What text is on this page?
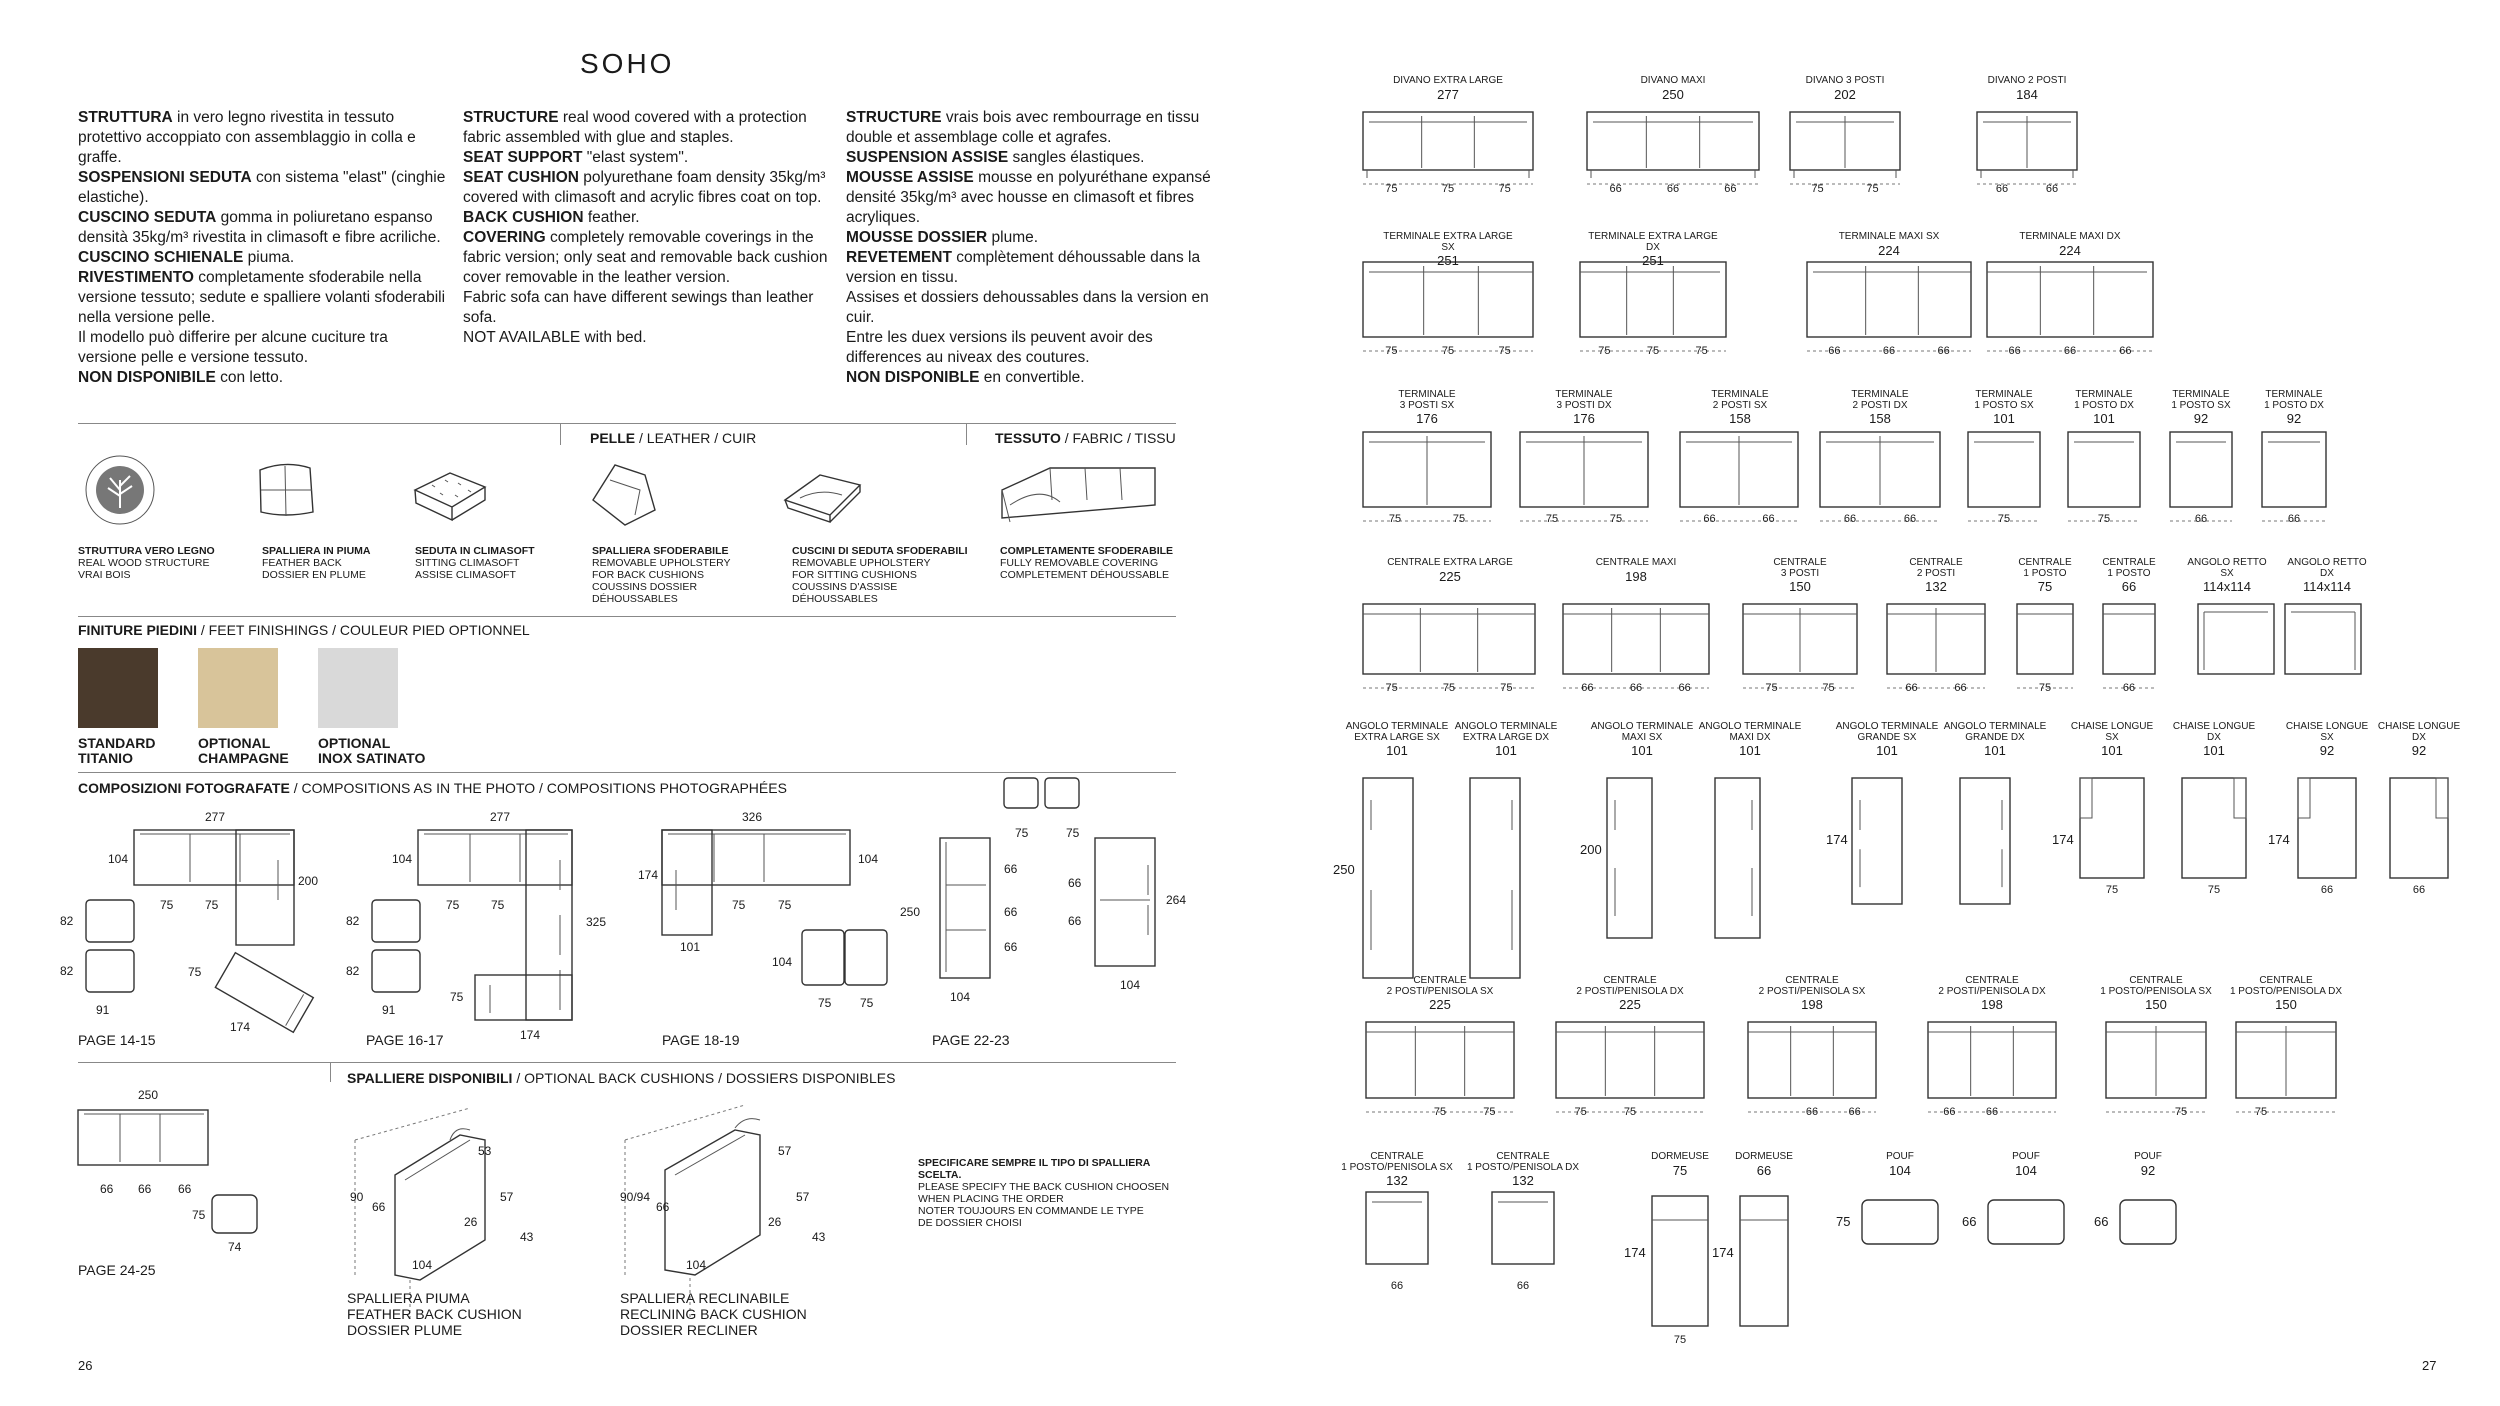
SOHO

STRUTTURA in vero legno rivestita in tessuto protettivo accoppiato con assemblaggio in colla e graffe.
SOSPENSIONI SEDUTA con sistema "elast" (cinghie elastiche).
CUSCINO SEDUTA gomma in poliuretano espanso densità 35kg/m³ rivestita in climasoft e fibre acriliche.
CUSCINO SCHIENALE piuma.
RIVESTIMENTO completamente sfoderabile nella versione tessuto; sedute e spalliere volanti sfoderabili nella versione pelle.
Il modello può differire per alcune cuciture tra versione pelle e versione tessuto.
NON DISPONIBILE con letto.

STRUCTURE real wood covered with a protection fabric assembled with glue and staples.
SEAT SUPPORT "elast system".
SEAT CUSHION polyurethane foam density 35kg/m³ covered with climasoft and acrylic fibres coat on top.
BACK CUSHION feather.
COVERING completely removable coverings in the fabric version; only seat and removable back cushion cover removable in the leather version.
Fabric sofa can have different sewings than leather sofa.
NOT AVAILABLE with bed.

STRUCTURE vrais bois avec rembourrage en tissu double et assemblage colle et agrafes.
SUSPENSION ASSISE sangles élastiques.
MOUSSE ASSISE mousse en polyuréthane expansé densité 35kg/m³ avec housse en climasoft et fibres acryliques.
MOUSSE DOSSIER plume.
REVETEMENT complètement déhoussable dans la version en tissu.
Assises et dossiers dehoussables dans la version en cuir.
Entre les duex versions ils peuvent avoir des differences au niveax des coutures.
NON DISPONIBLE en convertible.

PELLE / LEATHER / CUIR	TESSUTO / FABRIC / TISSU
STRUTTURA VERO LEGNO
REAL WOOD STRUCTURE
VRAI BOIS
SPALLIERA IN PIUMA
FEATHER BACK
DOSSIER EN PLUME
SEDUTA IN CLIMASOFT
SITTING CLIMASOFT
ASSISE CLIMASOFT
SPALLIERA SFODERABILE
REMOVABLE UPHOLSTERY
FOR BACK CUSHIONS
COUSSINS DOSSIER DÉHOUSSABLES
CUSCINI DI SEDUTA SFODERABILI
REMOVABLE UPHOLSTERY
FOR SITTING CUSHIONS
COUSSINS D'ASSISE DÉHOUSSABLES
COMPLETAMENTE SFODERABILE
FULLY REMOVABLE COVERING
COMPLETEMENT DÉHOUSSABLE
FINITURE PIEDINI / FEET FINISHINGS / COULEUR PIED OPTIONNEL
STANDARD
TITANIO
OPTIONAL
CHAMPAGNE
OPTIONAL
INOX SATINATO
COMPOSIZIONI FOTOGRAFATE / COMPOSITIONS AS IN THE PHOTO / COMPOSITIONS PHOTOGRAPHÉES
277
104
200
75	75
82
82
91
75
174
277
104
325
75	75
82
82
91
75
174
326
174
104
75	75
101
104
75 75
75	75
66
66
66
66
66
250
264
104
104
250
66 66 66
75
74
53
90
66
57
26
43
104
57
90/94
66
57
26
43
104
PAGE 14-15	PAGE 16-17	PAGE 18-19	PAGE 22-23
PAGE 24-25
SPALLIERE DISPONIBILI / OPTIONAL BACK CUSHIONS / DOSSIERS DISPONIBLES
SPECIFICARE SEMPRE IL TIPO DI SPALLIERA SCELTA.
PLEASE SPECIFY THE BACK CUSHION CHOOSEN
WHEN PLACING THE ORDER
NOTER TOUJOURS EN COMMANDE LE TYPE
DE DOSSIER CHOISI
SPALLIERA PIUMA
FEATHER BACK CUSHION
DOSSIER PLUME
SPALLIERA RECLINABILE
RECLINING BACK CUSHION
DOSSIER RECLINER
26
DIVANO EXTRA LARGE
277
75	75	75
DIVANO MAXI
250
66	66	66
DIVANO 3 POSTI
202
75	75
DIVANO 2 POSTI
184
66	66
TERMINALE EXTRA LARGE SX
251
75	75	75
TERMINALE EXTRA LARGE DX
251
75	75	75
TERMINALE MAXI SX
224
66	66	66
TERMINALE MAXI DX
224
66	66	66
TERMINALE
3 POSTI SX
176
75	75
TERMINALE
3 POSTI DX
176
75	75
TERMINALE
2 POSTI SX
158
66	66
TERMINALE
2 POSTI DX
158
66	66
TERMINALE
1 POSTO SX
101
75
TERMINALE
1 POSTO DX
101
75
TERMINALE
1 POSTO SX
92
66
TERMINALE
1 POSTO DX
92
66
CENTRALE EXTRA LARGE
225
75	75	75
CENTRALE MAXI
198
66	66	66
CENTRALE
3 POSTI
150
75	75
CENTRALE
2 POSTI
132
66	66
CENTRALE
1 POSTO
75
75
CENTRALE
1 POSTO
66
66
ANGOLO RETTO
SX
114x114
ANGOLO RETTO
DX
114x114
ANGOLO TERMINALE
EXTRA LARGE SX
101
ANGOLO TERMINALE
EXTRA LARGE DX
101
ANGOLO TERMINALE
MAXI SX
101
ANGOLO TERMINALE
MAXI DX
101
ANGOLO TERMINALE
GRANDE SX
101
ANGOLO TERMINALE
GRANDE DX
101
CHAISE LONGUE
SX
101
75
CHAISE LONGUE
DX
101
75
CHAISE LONGUE
SX
92
66
CHAISE LONGUE
DX
92
66
250
200
174	174	174
CENTRALE
2 POSTI/PENISOLA SX
225
75	75
CENTRALE
2 POSTI/PENISOLA DX
225
75	75
CENTRALE
2 POSTI/PENISOLA SX
198
66	66
CENTRALE
2 POSTI/PENISOLA DX
198
66	66
CENTRALE
1 POSTO/PENISOLA SX
150
75
CENTRALE
1 POSTO/PENISOLA DX
150
75
CENTRALE
1 POSTO/PENISOLA SX
132
66
CENTRALE
1 POSTO/PENISOLA DX
132
66
DORMEUSE
75
174
75
DORMEUSE
66
174
POUF
104
75
POUF
104
66
POUF
92
66
27
